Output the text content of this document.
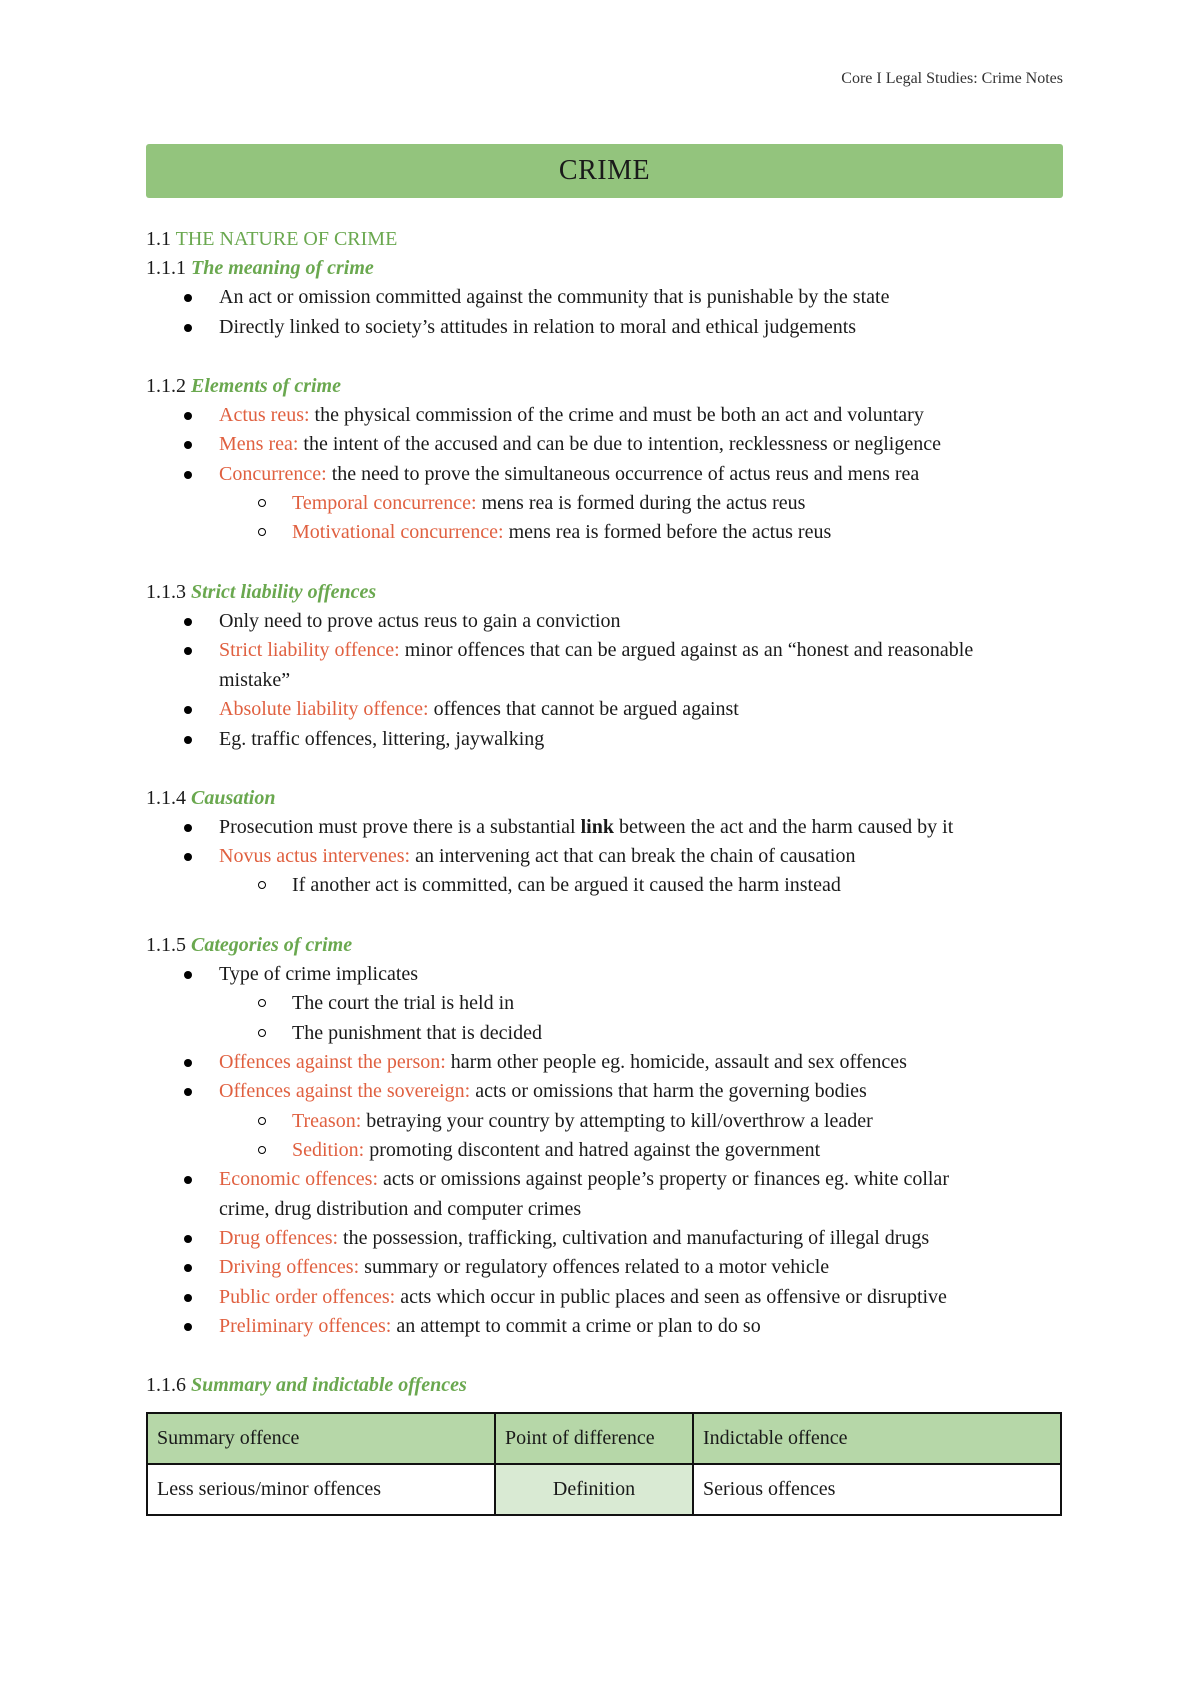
Core I Legal Studies: Crime Notes
CRIME
1.1 THE NATURE OF CRIME
1.1.1 The meaning of crime
An act or omission committed against the community that is punishable by the state
Directly linked to society’s attitudes in relation to moral and ethical judgements
1.1.2 Elements of crime
Actus reus: the physical commission of the crime and must be both an act and voluntary
Mens rea: the intent of the accused and can be due to intention, recklessness or negligence
Concurrence: the need to prove the simultaneous occurrence of actus reus and mens rea
Temporal concurrence: mens rea is formed during the actus reus
Motivational concurrence: mens rea is formed before the actus reus
1.1.3 Strict liability offences
Only need to prove actus reus to gain a conviction
Strict liability offence: minor offences that can be argued against as an “honest and reasonable
mistake”
Absolute liability offence: offences that cannot be argued against
Eg. traffic offences, littering, jaywalking
1.1.4 Causation
Prosecution must prove there is a substantial link between the act and the harm caused by it
Novus actus intervenes: an intervening act that can break the chain of causation
If another act is committed, can be argued it caused the harm instead
1.1.5 Categories of crime
Type of crime implicates
The court the trial is held in
The punishment that is decided
Offences against the person: harm other people eg. homicide, assault and sex offences
Offences against the sovereign: acts or omissions that harm the governing bodies
Treason: betraying your country by attempting to kill/overthrow a leader
Sedition: promoting discontent and hatred against the government
Economic offences: acts or omissions against people’s property or finances eg. white collar
crime, drug distribution and computer crimes
Drug offences: the possession, trafficking, cultivation and manufacturing of illegal drugs
Driving offences: summary or regulatory offences related to a motor vehicle
Public order offences: acts which occur in public places and seen as offensive or disruptive
Preliminary offences: an attempt to commit a crime or plan to do so
1.1.6 Summary and indictable offences
Summary offence	Point of difference	Indictable offence
Less serious/minor offences	Definition	Serious offences
